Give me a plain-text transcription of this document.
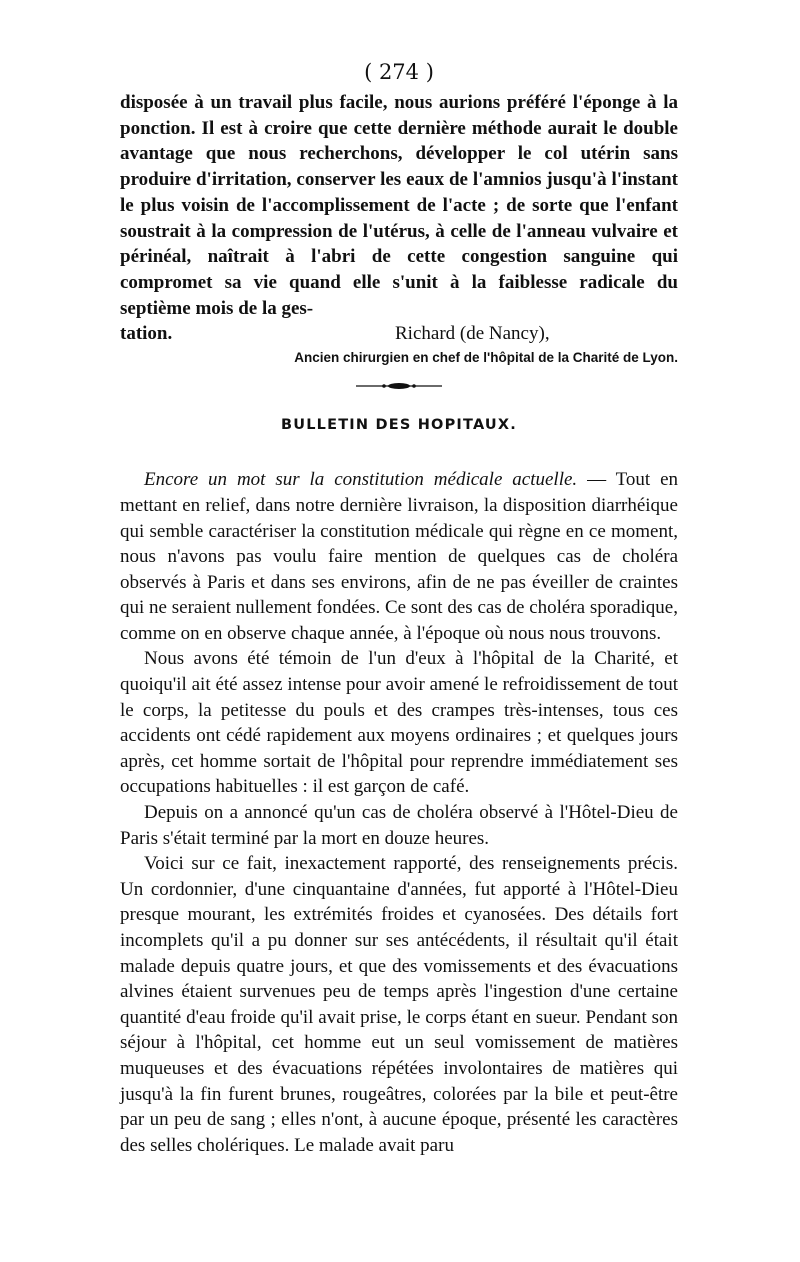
( 274 )

disposée à un travail plus facile, nous aurions préféré l'éponge à la ponction. Il est à croire que cette dernière méthode aurait le double avantage que nous recherchons, développer le col utérin sans produire d'irritation, conserver les eaux de l'amnios jusqu'à l'instant le plus voisin de l'accomplissement de l'acte ; de sorte que l'enfant soustrait à la compression de l'utérus, à celle de l'anneau vulvaire et périnéal, naîtrait à l'abri de cette congestion sanguine qui compromet sa vie quand elle s'unit à la faiblesse radicale du septième mois de la ges-

tation.	Richard (de Nancy),
Ancien chirurgien en chef de l'hôpital de la Charité de Lyon.
BULLETIN DES HOPITAUX.

Encore un mot sur la constitution médicale actuelle. — Tout en mettant en relief, dans notre dernière livraison, la disposition diarrhéique qui semble caractériser la constitution médicale qui règne en ce moment, nous n'avons pas voulu faire mention de quelques cas de choléra observés à Paris et dans ses environs, afin de ne pas éveiller de craintes qui ne seraient nullement fondées. Ce sont des cas de choléra sporadique, comme on en observe chaque année, à l'époque où nous nous trouvons.

Nous avons été témoin de l'un d'eux à l'hôpital de la Charité, et quoiqu'il ait été assez intense pour avoir amené le refroidissement de tout le corps, la petitesse du pouls et des crampes très-intenses, tous ces accidents ont cédé rapidement aux moyens ordinaires ; et quelques jours après, cet homme sortait de l'hôpital pour reprendre immédiatement ses occupations habituelles : il est garçon de café.

Depuis on a annoncé qu'un cas de choléra observé à l'Hôtel-Dieu de Paris s'était terminé par la mort en douze heures.

Voici sur ce fait, inexactement rapporté, des renseignements précis. Un cordonnier, d'une cinquantaine d'années, fut apporté à l'Hôtel-Dieu presque mourant, les extrémités froides et cyanosées. Des détails fort incomplets qu'il a pu donner sur ses antécédents, il résultait qu'il était malade depuis quatre jours, et que des vomissements et des évacuations alvines étaient survenues peu de temps après l'ingestion d'une certaine quantité d'eau froide qu'il avait prise, le corps étant en sueur. Pendant son séjour à l'hôpital, cet homme eut un seul vomissement de matières muqueuses et des évacuations répétées involontaires de matières qui jusqu'à la fin furent brunes, rougeâtres, colorées par la bile et peut-être par un peu de sang ; elles n'ont, à aucune époque, présenté les caractères des selles cholériques. Le malade avait paru
